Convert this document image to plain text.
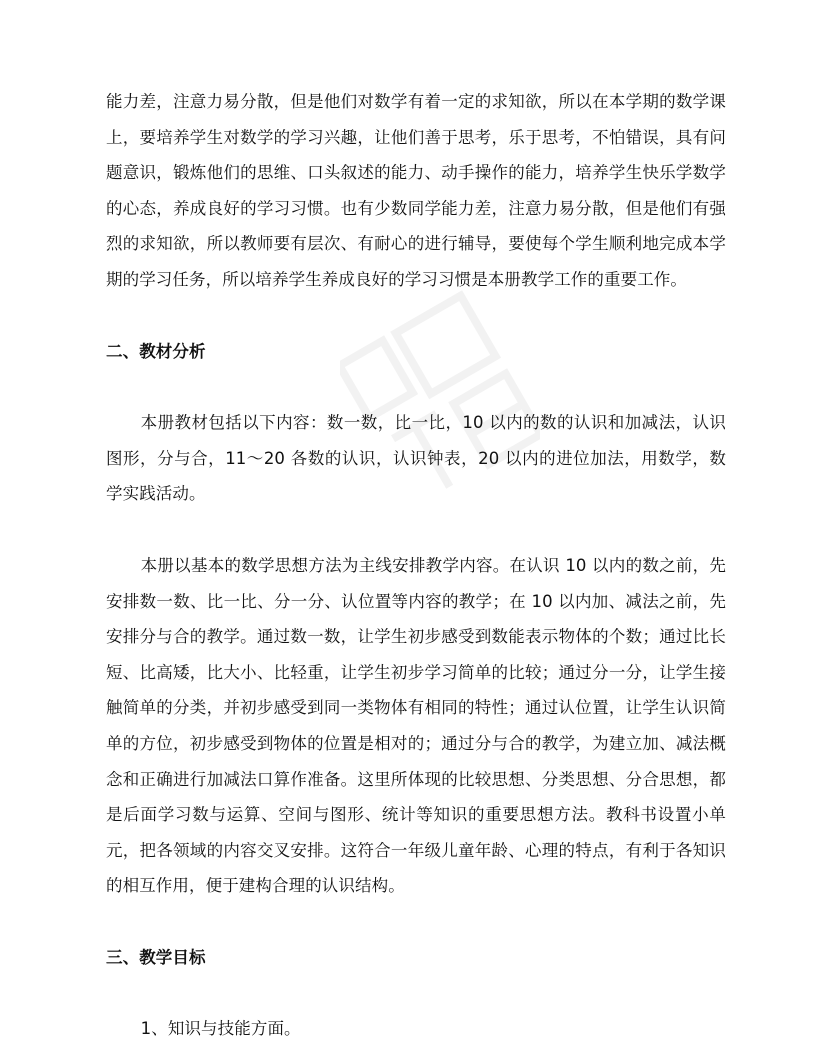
能力差，注意力易分散，但是他们对数学有着一定的求知欲，所以在本学期的数学课上，要培养学生对数学的学习兴趣，让他们善于思考，乐于思考，不怕错误，具有问题意识，锻炼他们的思维、口头叙述的能力、动手操作的能力，培养学生快乐学数学的心态，养成良好的学习习惯。也有少数同学能力差，注意力易分散，但是他们有强烈的求知欲，所以教师要有层次、有耐心的进行辅导，要使每个学生顺利地完成本学期的学习任务，所以培养学生养成良好的学习习惯是本册教学工作的重要工作。

二、教材分析

本册教材包括以下内容：数一数，比一比，10 以内的数的认识和加减法，认识图形，分与合，11～20 各数的认识，认识钟表，20 以内的进位加法，用数学，数学实践活动。

本册以基本的数学思想方法为主线安排教学内容。在认识 10 以内的数之前，先安排数一数、比一比、分一分、认位置等内容的教学；在 10 以内加、减法之前，先安排分与合的教学。通过数一数，让学生初步感受到数能表示物体的个数；通过比长短、比高矮，比大小、比轻重，让学生初步学习简单的比较；通过分一分，让学生接触简单的分类，并初步感受到同一类物体有相同的特性；通过认位置，让学生认识简单的方位，初步感受到物体的位置是相对的；通过分与合的教学，为建立加、减法概念和正确进行加减法口算作准备。这里所体现的比较思想、分类思想、分合思想，都是后面学习数与运算、空间与图形、统计等知识的重要思想方法。教科书设置小单元，把各领域的内容交叉安排。这符合一年级儿童年龄、心理的特点，有利于各知识的相互作用，便于建构合理的认识结构。

三、教学目标

1、知识与技能方面。
